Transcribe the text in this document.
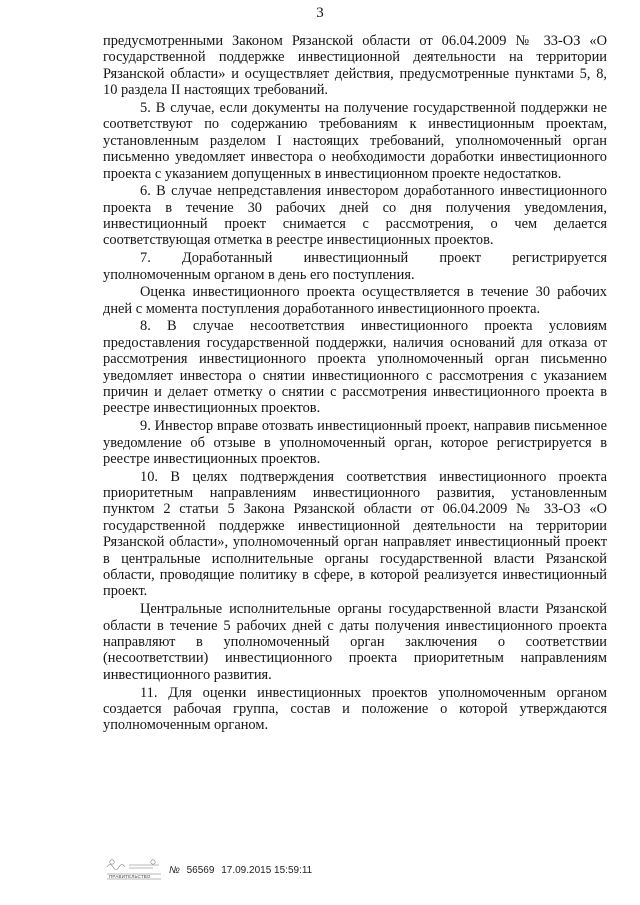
3

предусмотренными Законом Рязанской области от 06.04.2009 № 33-ОЗ «О государственной поддержке инвестиционной деятельности на территории Рязанской области» и осуществляет действия, предусмотренные пунктами 5, 8, 10 раздела II настоящих требований.

5. В случае, если документы на получение государственной поддержки не соответствуют по содержанию требованиям к инвестиционным проектам, установленным разделом I настоящих требований, уполномоченный орган письменно уведомляет инвестора о необходимости доработки инвестиционного проекта с указанием допущенных в инвестиционном проекте недостатков.

6. В случае непредставления инвестором доработанного инвестиционного проекта в течение 30 рабочих дней со дня получения уведомления, инвестиционный проект снимается с рассмотрения, о чем делается соответствующая отметка в реестре инвестиционных проектов.

7. Доработанный инвестиционный проект регистрируется уполномоченным органом в день его поступления.

Оценка инвестиционного проекта осуществляется в течение 30 рабочих дней с момента поступления доработанного инвестиционного проекта.

8. В случае несоответствия инвестиционного проекта условиям предоставления государственной поддержки, наличия оснований для отказа от рассмотрения инвестиционного проекта уполномоченный орган письменно уведомляет инвестора о снятии инвестиционного с рассмотрения с указанием причин и делает отметку о снятии с рассмотрения инвестиционного проекта в реестре инвестиционных проектов.

9. Инвестор вправе отозвать инвестиционный проект, направив письменное уведомление об отзыве в уполномоченный орган, которое регистрируется в реестре инвестиционных проектов.

10. В целях подтверждения соответствия инвестиционного проекта приоритетным направлениям инвестиционного развития, установленным пунктом 2 статьи 5 Закона Рязанской области от 06.04.2009 № 33-ОЗ «О государственной поддержке инвестиционной деятельности на территории Рязанской области», уполномоченный орган направляет инвестиционный проект в центральные исполнительные органы государственной власти Рязанской области, проводящие политику в сфере, в которой реализуется инвестиционный проект.

Центральные исполнительные органы государственной власти Рязанской области в течение 5 рабочих дней с даты получения инвестиционного проекта направляют в уполномоченный орган заключения о соответствии (несоответствии) инвестиционного проекта приоритетным направлениям инвестиционного развития.

11. Для оценки инвестиционных проектов уполномоченным органом создается рабочая группа, состав и положение о которой утверждаются уполномоченным органом.

ПРАВИТЕЛЬСТВО
№ 56569 17.09.2015 15:59:11
